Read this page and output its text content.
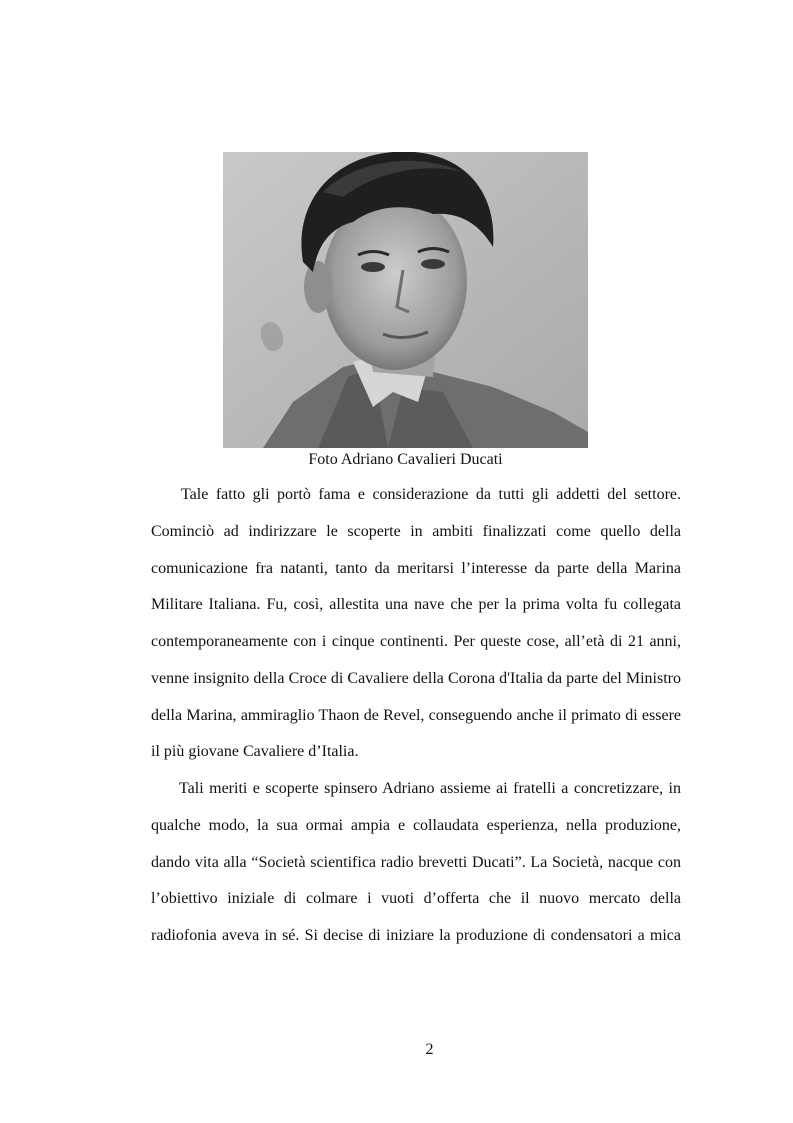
Foto Adriano Cavalieri Ducati
Tale fatto gli portò fama e considerazione da tutti gli addetti del settore.
Cominciò ad indirizzare le scoperte in ambiti finalizzati come quello della
comunicazione fra natanti, tanto da meritarsi l’interesse da parte della Marina
Militare Italiana. Fu, così, allestita una nave che per la prima volta fu collegata
contemporaneamente con i cinque continenti. Per queste cose, all’età di 21 anni,
venne insignito della Croce di Cavaliere della Corona d'Italia da parte del Ministro
della Marina, ammiraglio Thaon de Revel, conseguendo anche il primato di essere
il più giovane Cavaliere d’Italia.
Tali meriti e scoperte spinsero Adriano assieme ai fratelli a concretizzare, in
qualche modo, la sua ormai ampia e collaudata esperienza, nella produzione,
dando vita alla “Società scientifica radio brevetti Ducati”. La Società, nacque con
l’obiettivo iniziale di colmare i vuoti d’offerta che il nuovo mercato della
radiofonia aveva in sé. Si decise di iniziare la produzione di condensatori a mica
2
